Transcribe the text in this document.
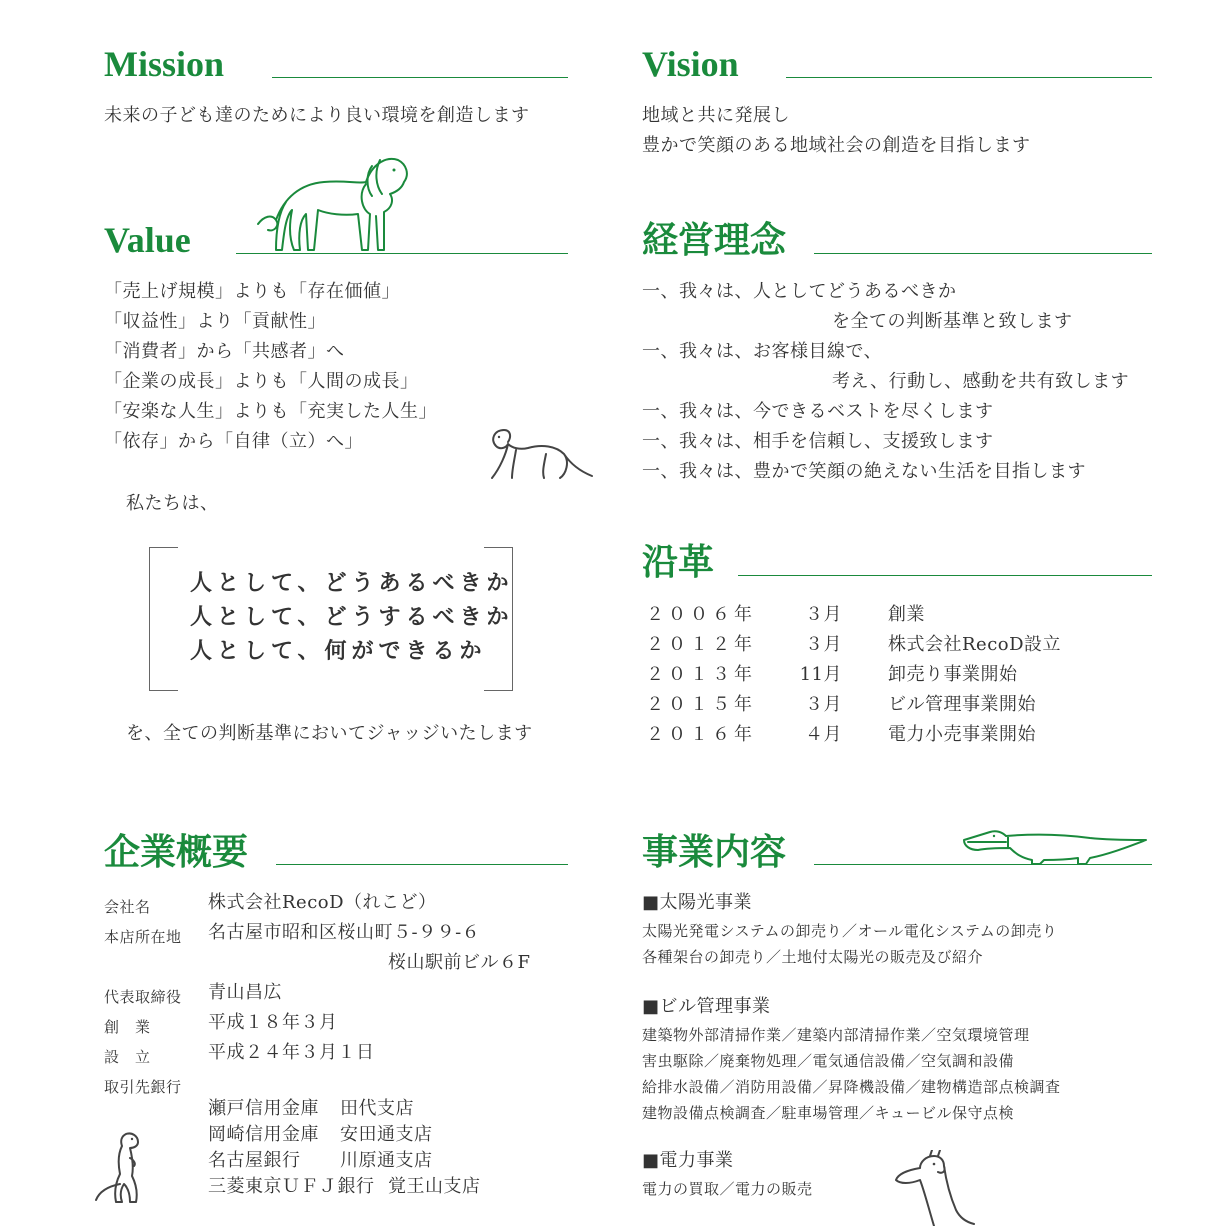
Mission
未来の子ども達のためにより良い環境を創造します
Vision
地域と共に発展し
豊かで笑顔のある地域社会の創造を目指します
Value
「売上げ規模」よりも「存在価値」
「収益性」より「貢献性」
「消費者」から「共感者」へ
「企業の成長」よりも「人間の成長」
「安楽な人生」よりも「充実した人生」
「依存」から「自律（立）へ」
私たちは、
人として、どうあるべきか
人として、どうするべきか
人として、何ができるか
を、全ての判断基準においてジャッジいたします
経営理念
一、我々は、人としてどうあるべきか
を全ての判断基準と致します
一、我々は、お客様目線で、
考え、行動し、感動を共有致します
一、我々は、今できるベストを尽くします
一、我々は、相手を信頼し、支援致します
一、我々は、豊かで笑顔の絶えない生活を目指します
沿革
２００６年	３月	創業
２０１２年	３月	株式会社RecoD設立
２０１３年 11月	卸売り事業開始
２０１５年	３月	ビル管理事業開始
２０１６年	４月	電力小売事業開始
企業概要
会社名	株式会社RecoD（れこど）
本店所在地 名古屋市昭和区桜山町５-９９-６
桜山駅前ビル６F
代表取締役 青山昌広
創　業	平成１８年３月
設　立	平成２４年３月１日
取引先銀行
瀬戸信用金庫 田代支店
岡崎信用金庫 安田通支店
名古屋銀行 川原通支店
三菱東京ＵＦＪ銀行 覚王山支店
事業内容
■太陽光事業
太陽光発電システムの卸売り／オール電化システムの卸売り
各種架台の卸売り／土地付太陽光の販売及び紹介
■ビル管理事業
建築物外部清掃作業／建築内部清掃作業／空気環境管理
害虫駆除／廃棄物処理／電気通信設備／空気調和設備
給排水設備／消防用設備／昇降機設備／建物構造部点検調査
建物設備点検調査／駐車場管理／キュービル保守点検
■電力事業
電力の買取／電力の販売
